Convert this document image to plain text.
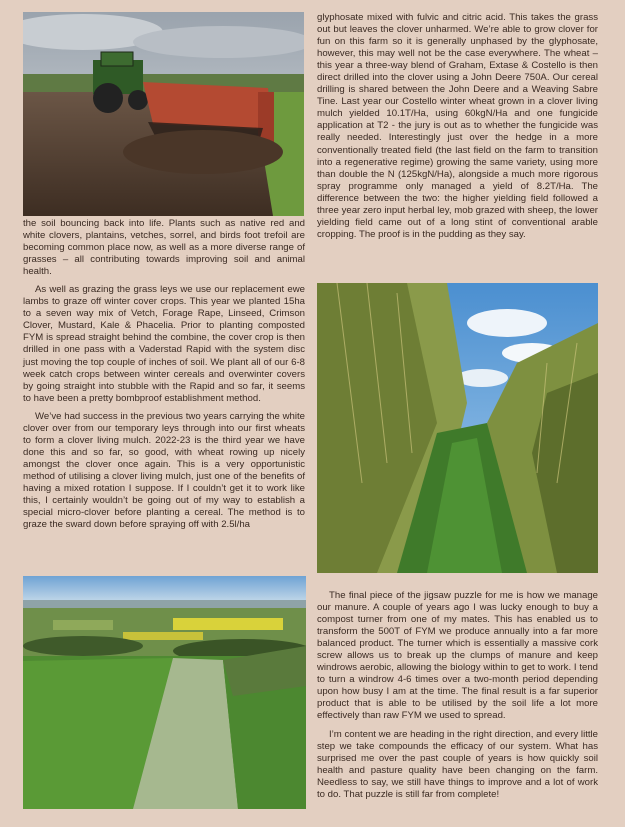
the soil bouncing back into life. Plants such as native red and white clovers, plantains, vetches, sorrel, and birds foot trefoil are becoming common place now, as well as a more diverse range of grasses – all contributing towards improving soil and animal health.

As well as grazing the grass leys we use our replacement ewe lambs to graze off winter cover crops. This year we planted 15ha to a seven way mix of Vetch, Forage Rape, Linseed, Crimson Clover, Mustard, Kale & Phacelia. Prior to planting composted FYM is spread straight behind the combine, the cover crop is then drilled in one pass with a Vaderstad Rapid with the system disc just moving the top couple of inches of soil. We plant all of our 6-8 week catch crops between winter cereals and overwinter covers by going straight into stubble with the Rapid and so far, it seems to have been a pretty bombproof establishment method.

We’ve had success in the previous two years carrying the white clover over from our temporary leys through into our first wheats to form a clover living mulch. 2022-23 is the third year we have done this and so far, so good, with wheat rowing up nicely amongst the clover once again. This is a very opportunistic method of utilising a clover living mulch, just one of the benefits of having a mixed rotation I suppose. If I couldn’t get it to work like this, I certainly wouldn’t be going out of my way to establish a special micro-clover before planting a cereal. The method is to graze the sward down before spraying off with 2.5l/ha

glyphosate mixed with fulvic and citric acid. This takes the grass out but leaves the clover unharmed. We’re able to grow clover for fun on this farm so it is generally unphased by the glyphosate, however, this may well not be the case everywhere. The wheat – this year a three-way blend of Graham, Extase & Costello is then direct drilled into the clover using a John Deere 750A. Our cereal drilling is shared between the John Deere and a Weaving Sabre Tine. Last year our Costello winter wheat grown in a clover living mulch yielded 10.1T/Ha, using 60kgN/Ha and one fungicide application at T2 - the jury is out as to whether the fungicide was really needed. Interestingly just over the hedge in a more conventionally treated field (the last field on the farm to transition into a regenerative regime) growing the same variety, using more than double the N (125kgN/Ha), alongside a much more rigorous spray programme only managed a yield of 8.2T/Ha. The difference between the two: the higher yielding field followed a three year zero input herbal ley, mob grazed with sheep, the lower yielding field came out of a long stint of conventional arable cropping. The proof is in the pudding as they say.

The final piece of the jigsaw puzzle for me is how we manage our manure. A couple of years ago I was lucky enough to buy a compost turner from one of my mates. This has enabled us to transform the 500T of FYM we produce annually into a far more balanced product. The turner which is essentially a massive cork screw allows us to break up the clumps of manure and keep windrows aerobic, allowing the biology within to get to work. I tend to turn a windrow 4-6 times over a two-month period depending upon how busy I am at the time. The final result is a far superior product that is able to be utilised by the soil life a lot more effectively than raw FYM we used to spread.

I’m content we are heading in the right direction, and every little step we take compounds the efficacy of our system. What has surprised me over the past couple of years is how quickly soil health and pasture quality have been changing on the farm. Needless to say, we still have things to improve and a lot of work to do. That puzzle is still far from complete!
